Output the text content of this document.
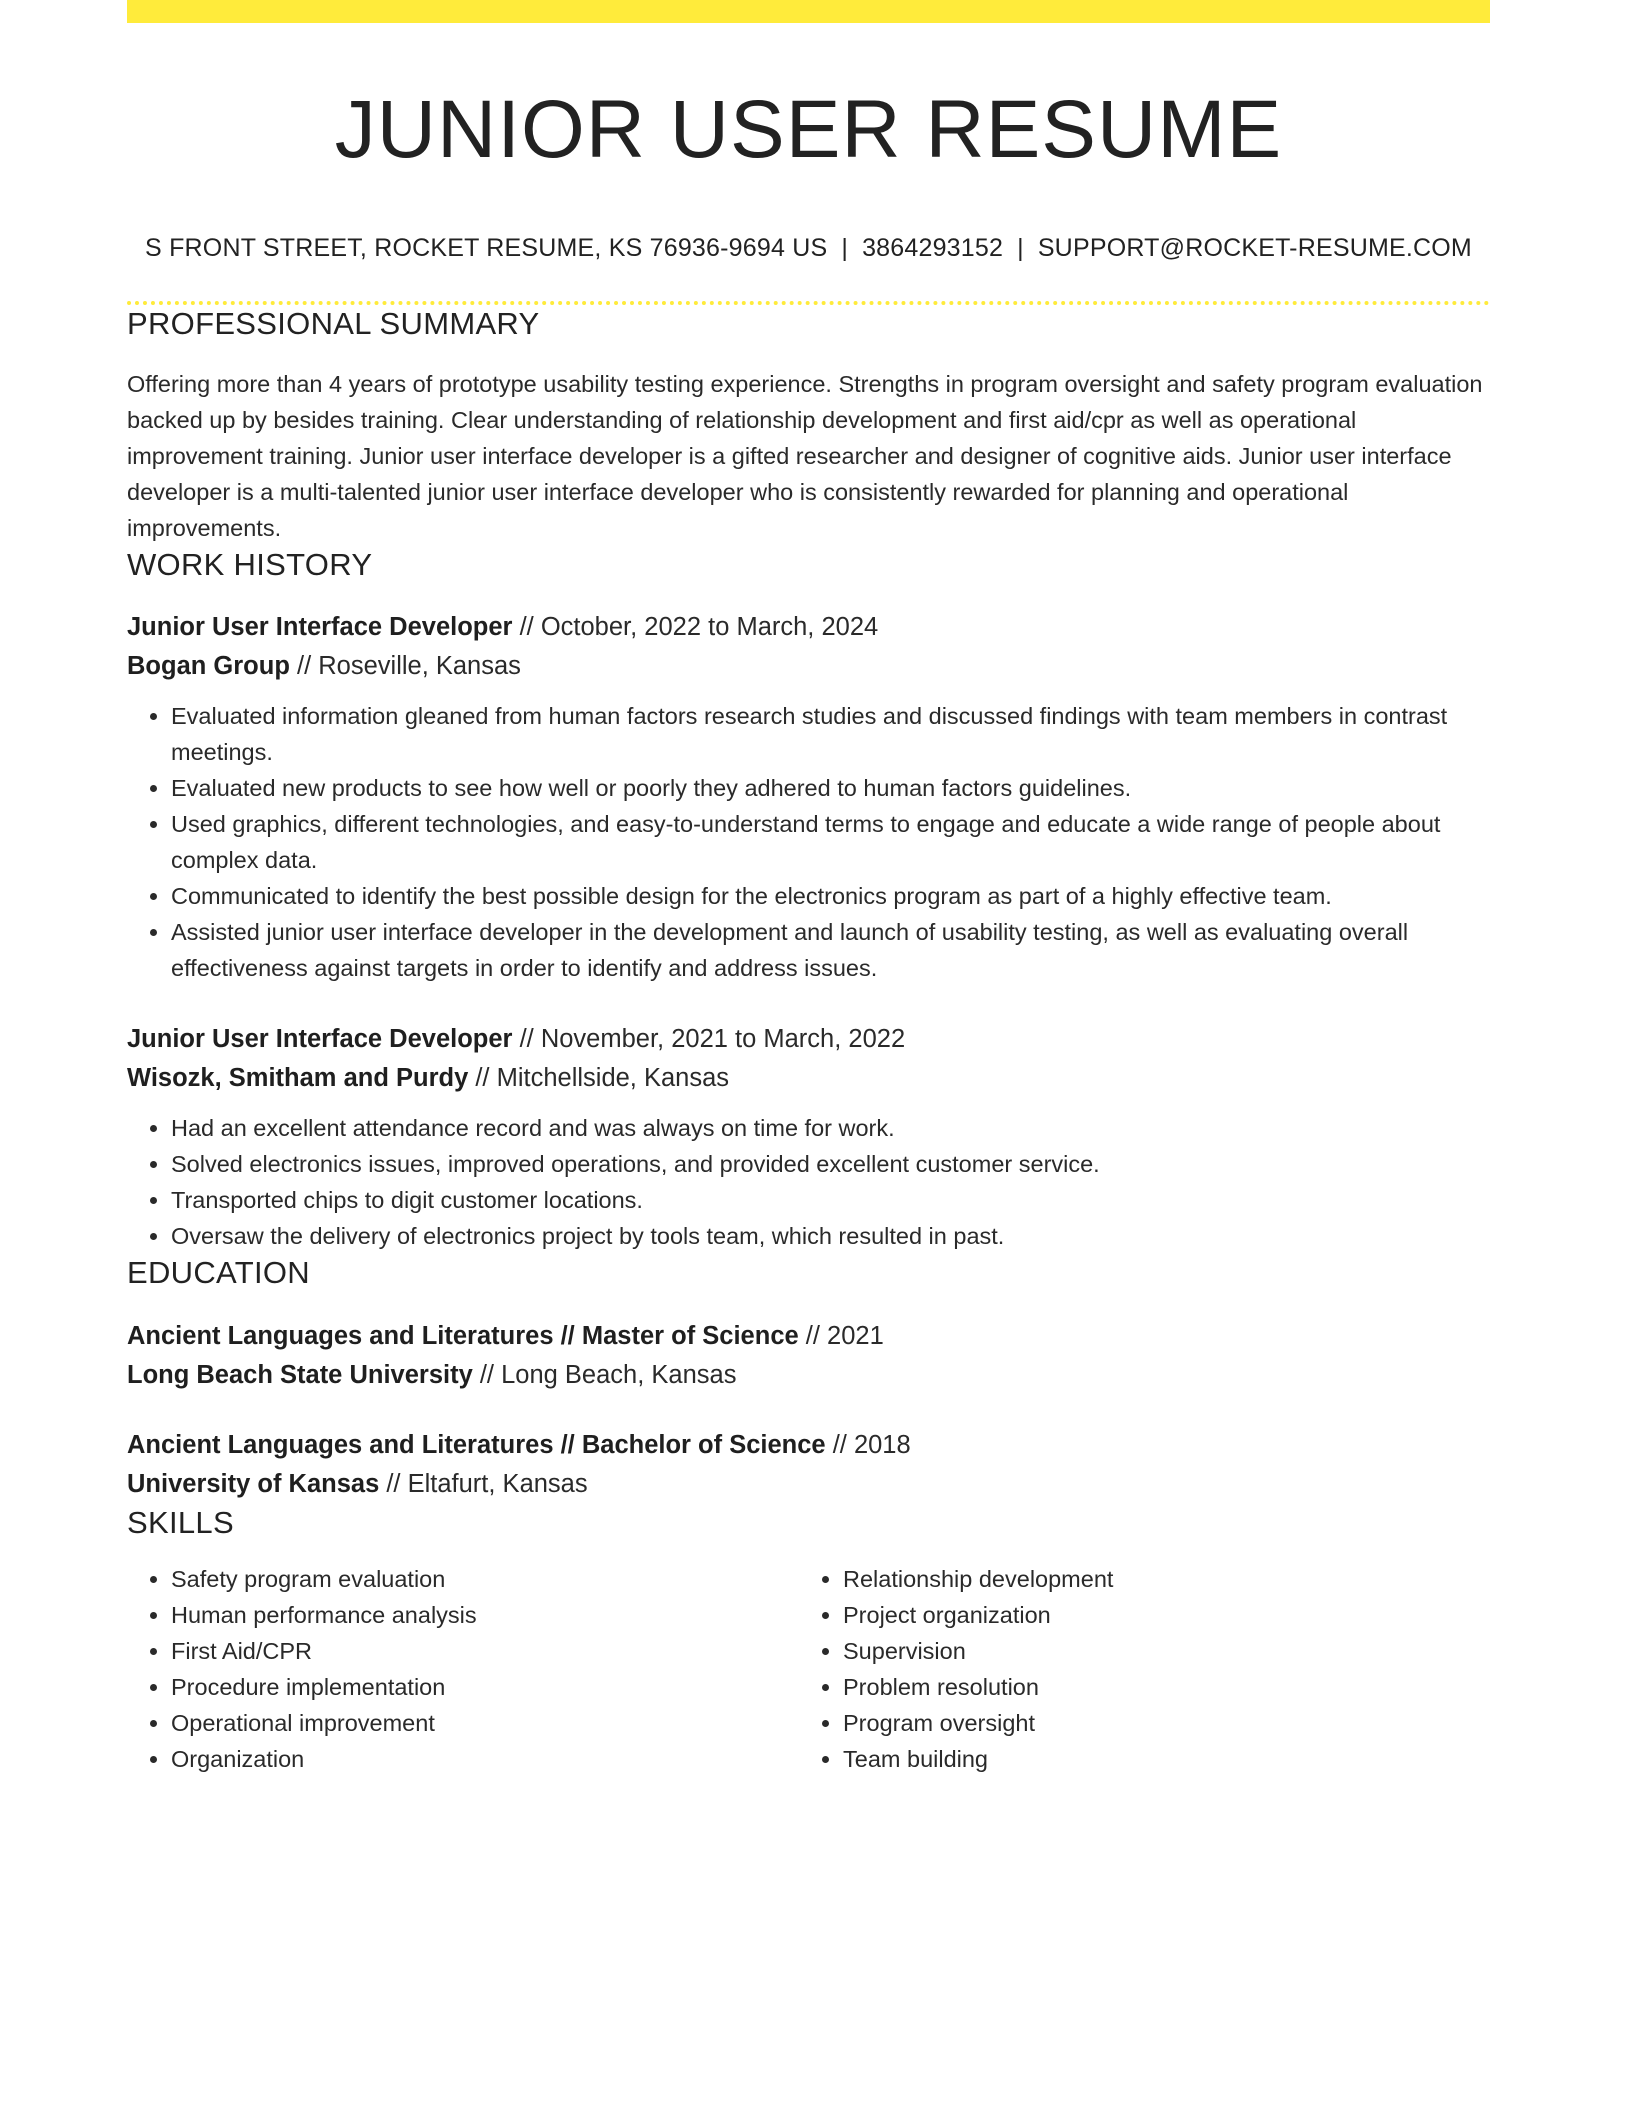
JUNIOR USER RESUME
S FRONT STREET, ROCKET RESUME, KS 76936-9694 US | 3864293152 | SUPPORT@ROCKET-RESUME.COM
PROFESSIONAL SUMMARY
Offering more than 4 years of prototype usability testing experience. Strengths in program oversight and safety program evaluation backed up by besides training. Clear understanding of relationship development and first aid/cpr as well as operational improvement training. Junior user interface developer is a gifted researcher and designer of cognitive aids. Junior user interface developer is a multi-talented junior user interface developer who is consistently rewarded for planning and operational improvements.
WORK HISTORY
Junior User Interface Developer // October, 2022 to March, 2024
Bogan Group // Roseville, Kansas
• Evaluated information gleaned from human factors research studies and discussed findings with team members in contrast meetings.
• Evaluated new products to see how well or poorly they adhered to human factors guidelines.
• Used graphics, different technologies, and easy-to-understand terms to engage and educate a wide range of people about complex data.
• Communicated to identify the best possible design for the electronics program as part of a highly effective team.
• Assisted junior user interface developer in the development and launch of usability testing, as well as evaluating overall effectiveness against targets in order to identify and address issues.
Junior User Interface Developer // November, 2021 to March, 2022
Wisozk, Smitham and Purdy // Mitchellside, Kansas
• Had an excellent attendance record and was always on time for work.
• Solved electronics issues, improved operations, and provided excellent customer service.
• Transported chips to digit customer locations.
• Oversaw the delivery of electronics project by tools team, which resulted in past.
EDUCATION
Ancient Languages and Literatures // Master of Science // 2021
Long Beach State University // Long Beach, Kansas
Ancient Languages and Literatures // Bachelor of Science // 2018
University of Kansas // Eltafurt, Kansas
SKILLS
• Safety program evaluation
• Human performance analysis
• First Aid/CPR
• Procedure implementation
• Operational improvement
• Organization
• Relationship development
• Project organization
• Supervision
• Problem resolution
• Program oversight
• Team building
